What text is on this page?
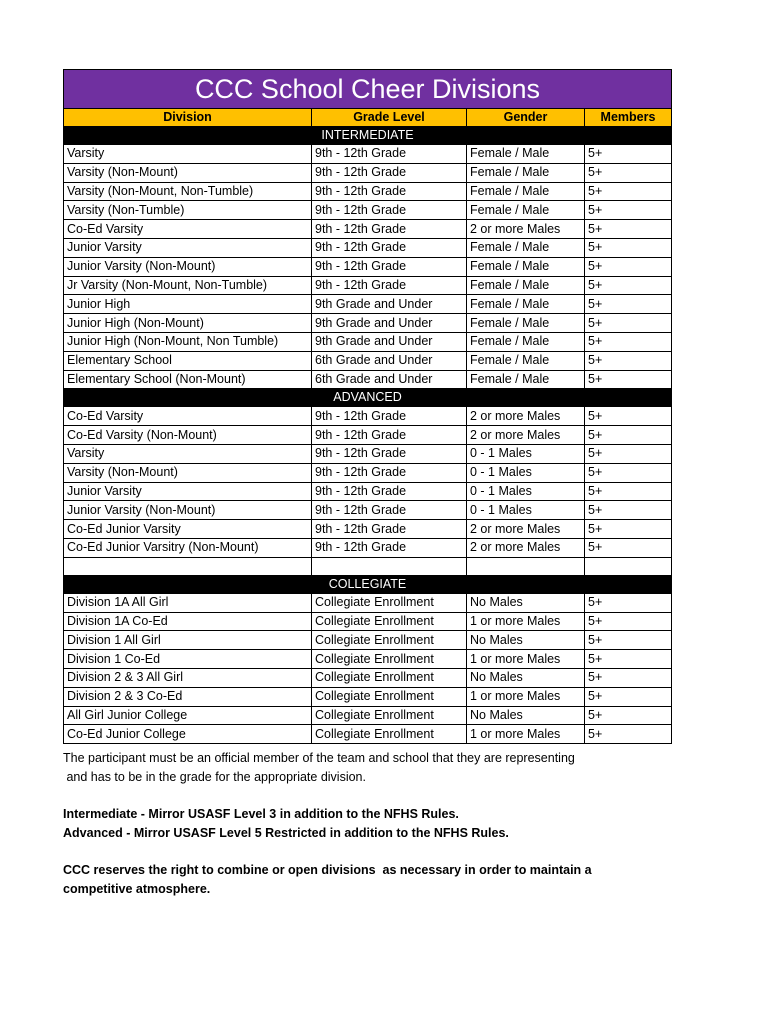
CCC School Cheer Divisions			
Division	Grade Level	Gender	Members
INTERMEDIATE			
Varsity	9th - 12th Grade	Female / Male	5+
Varsity (Non-Mount)	9th - 12th Grade	Female / Male	5+
Varsity (Non-Mount, Non-Tumble)	9th - 12th Grade	Female / Male	5+
Varsity (Non-Tumble)	9th - 12th Grade	Female / Male	5+
Co-Ed Varsity	9th - 12th Grade	2 or more Males	5+
Junior Varsity	9th - 12th Grade	Female / Male	5+
Junior Varsity (Non-Mount)	9th - 12th Grade	Female / Male	5+
Jr Varsity (Non-Mount, Non-Tumble)	9th - 12th Grade	Female / Male	5+
Junior High	9th Grade and Under	Female / Male	5+
Junior High (Non-Mount)	9th Grade and Under	Female / Male	5+
Junior High (Non-Mount, Non Tumble)	9th Grade and Under	Female / Male	5+
Elementary School	6th Grade and Under	Female / Male	5+
Elementary School (Non-Mount)	6th Grade and Under	Female / Male	5+
ADVANCED			
Co-Ed Varsity	9th - 12th Grade	2 or more Males	5+
Co-Ed Varsity (Non-Mount)	9th - 12th Grade	2 or more Males	5+
Varsity	9th - 12th Grade	0 - 1 Males	5+
Varsity (Non-Mount)	9th - 12th Grade	0 - 1 Males	5+
Junior Varsity	9th - 12th Grade	0 - 1 Males	5+
Junior Varsity (Non-Mount)	9th - 12th Grade	0 - 1 Males	5+
Co-Ed Junior Varsity	9th - 12th Grade	2 or more Males	5+
Co-Ed Junior Varsitry (Non-Mount)	9th - 12th Grade	2 or more Males	5+

COLLEGIATE			
Division 1A All Girl	Collegiate Enrollment	No Males	5+
Division 1A Co-Ed	Collegiate Enrollment	1 or more Males	5+
Division 1 All Girl	Collegiate Enrollment	No Males	5+
Division 1 Co-Ed	Collegiate Enrollment	1 or more Males	5+
Division 2 & 3 All Girl	Collegiate Enrollment	No Males	5+
Division 2 & 3 Co-Ed	Collegiate Enrollment	1 or more Males	5+
All Girl Junior College	Collegiate Enrollment	No Males	5+
Co-Ed Junior College	Collegiate Enrollment	1 or more Males	5+

The participant must be an official member of the team and school that they are representing

and has to be in the grade for the appropriate division.

Intermediate - Mirror USASF Level 3 in addition to the NFHS Rules.

Advanced - Mirror USASF Level 5 Restricted in addition to the NFHS Rules.

CCC reserves the right to combine or open divisions  as necessary in order to maintain a

competitive atmosphere.
